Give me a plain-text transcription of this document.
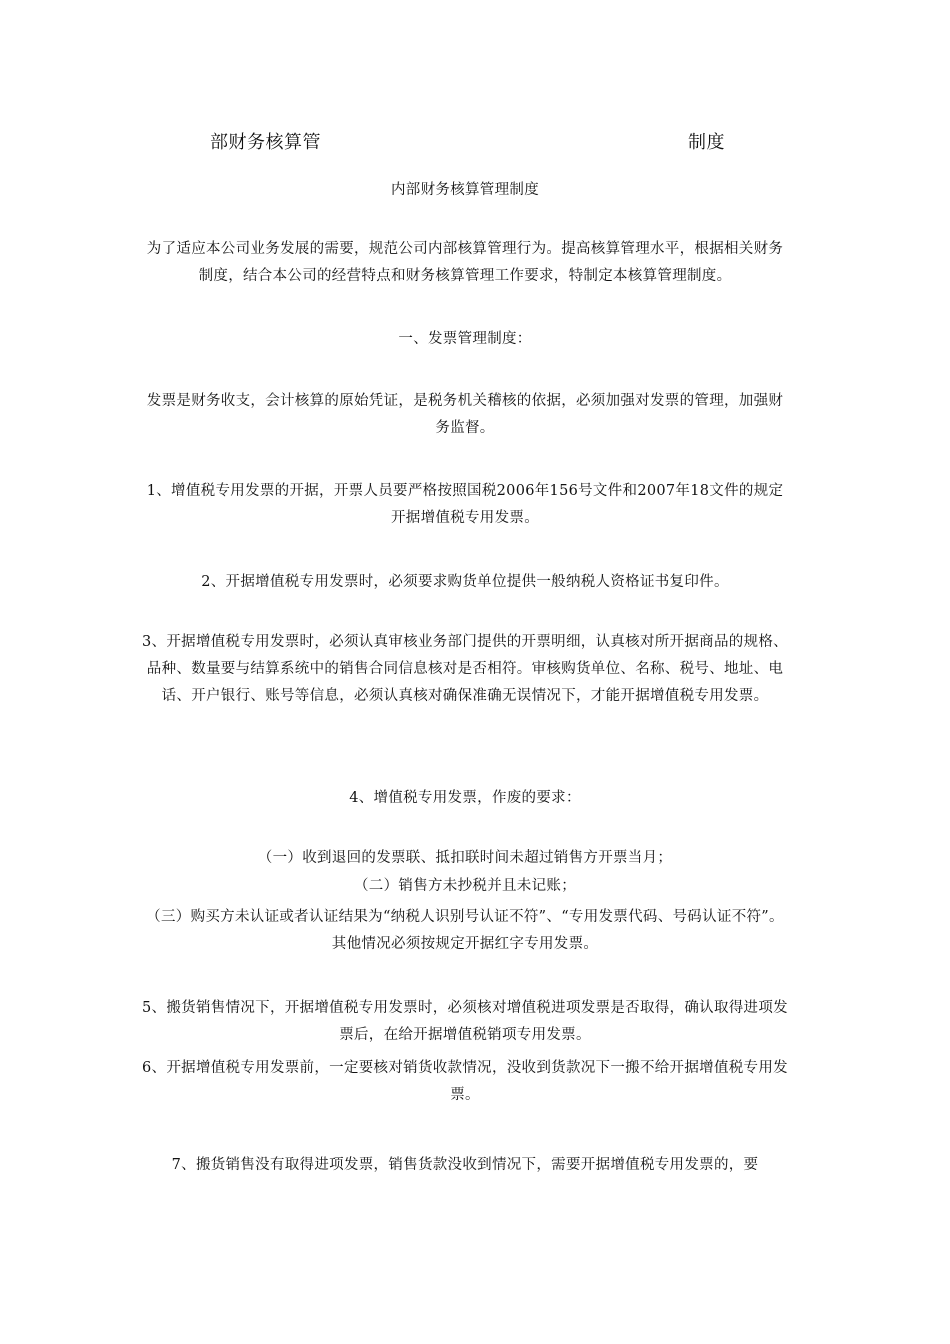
部财务核算管	制度
内部财务核算管理制度
为了适应本公司业务发展的需要，规范公司内部核算管理行为。提高核算管理水平，根据相关财务制度，结合本公司的经营特点和财务核算管理工作要求，特制定本核算管理制度。
一、发票管理制度：
发票是财务收支，会计核算的原始凭证，是税务机关稽核的依据，必须加强对发票的管理，加强财务监督。
1、增值税专用发票的开据，开票人员要严格按照国税2006年156号文件和2007年18文件的规定开据增值税专用发票。
2、开据增值税专用发票时，必须要求购货单位提供一般纳税人资格证书复印件。
3、开据增值税专用发票时，必须认真审核业务部门提供的开票明细，认真核对所开据商品的规格、品种、数量要与结算系统中的销售合同信息核对是否相符。审核购货单位、名称、税号、地址、电话、开户银行、账号等信息，必须认真核对确保准确无误情况下，才能开据增值税专用发票。
4、增值税专用发票，作废的要求：
（一）收到退回的发票联、抵扣联时间未超过销售方开票当月；
（二）销售方未抄税并且未记账；
（三）购买方未认证或者认证结果为“纳税人识别号认证不符”、“专用发票代码、号码认证不符”。其他情况必须按规定开据红字专用发票。
5、搬货销售情况下，开据增值税专用发票时，必须核对增值税进项发票是否取得，确认取得进项发票后，在给开据增值税销项专用发票。
6、开据增值税专用发票前，一定要核对销货收款情况，没收到货款况下一搬不给开据增值税专用发票。
7、搬货销售没有取得进项发票，销售货款没收到情况下，需要开据增值税专用发票的，要
